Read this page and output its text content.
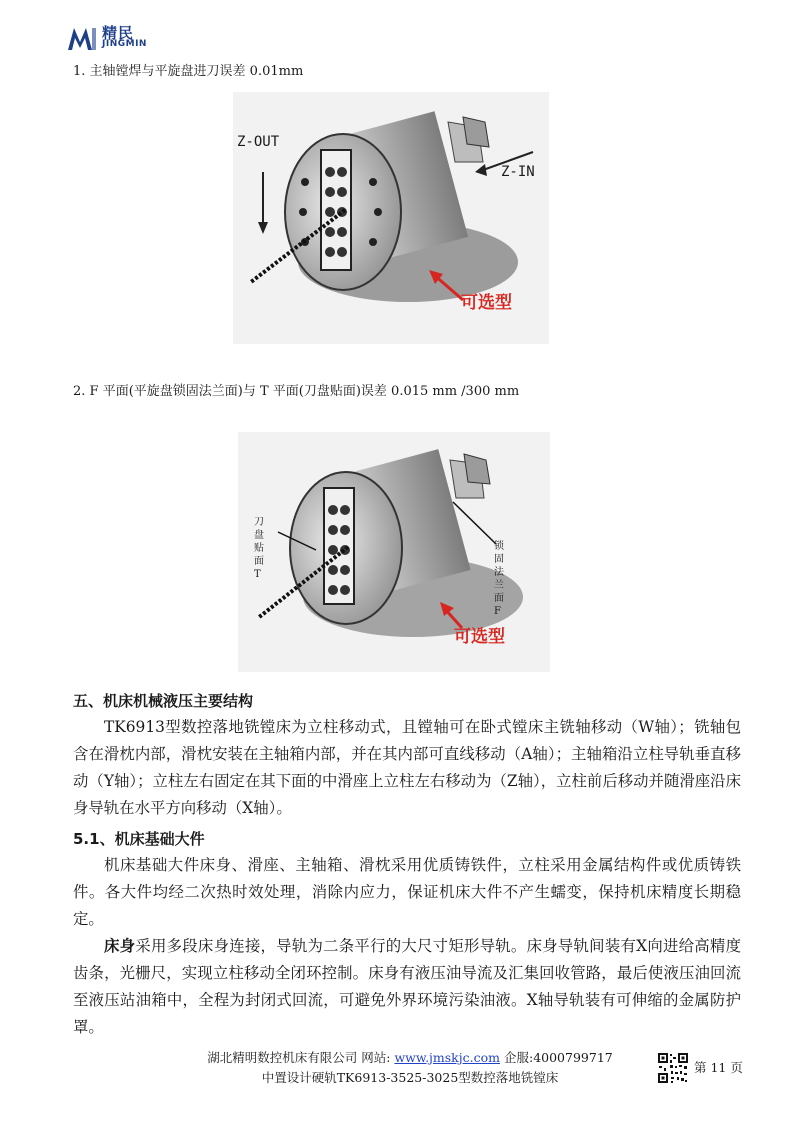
精民
JINGMIN
1. 主轴镗焊与平旋盘进刀误差 0.01mm
Z-OUT
Z-IN
可选型
2. F 平面(平旋盘锁固法兰面)与 T 平面(刀盘贴面)误差 0.015 mm /300 mm
刀盘贴面T
锁固法兰面F
可选型
五、机床机械液压主要结构

TK6913型数控落地铣镗床为立柱移动式，且镗轴可在卧式镗床主铣轴移动（W轴）；铣轴包含在滑枕内部，滑枕安装在主轴箱内部，并在其内部可直线移动（A轴）；主轴箱沿立柱导轨垂直移动（Y轴）；立柱左右固定在其下面的中滑座上立柱左右移动为（Z轴），立柱前后移动并随滑座沿床身导轨在水平方向移动（X轴）。

5.1、机床基础大件

机床基础大件床身、滑座、主轴箱、滑枕采用优质铸铁件，立柱采用金属结构件或优质铸铁件。各大件均经二次热时效处理，消除内应力，保证机床大件不产生蠕变，保持机床精度长期稳定。

床身采用多段床身连接，导轨为二条平行的大尺寸矩形导轨。床身导轨间装有X向进给高精度齿条，光栅尺，实现立柱移动全闭环控制。床身有液压油导流及汇集回收管路，最后使液压油回流至液压站油箱中，全程为封闭式回流，可避免外界环境污染油液。X轴导轨装有可伸缩的金属防护罩。

湖北精明数控机床有限公司 网站: www.jmskjc.com 企服:4000799717
中置设计硬轨TK6913-3525-3025型数控落地铣镗床
第 11 页
